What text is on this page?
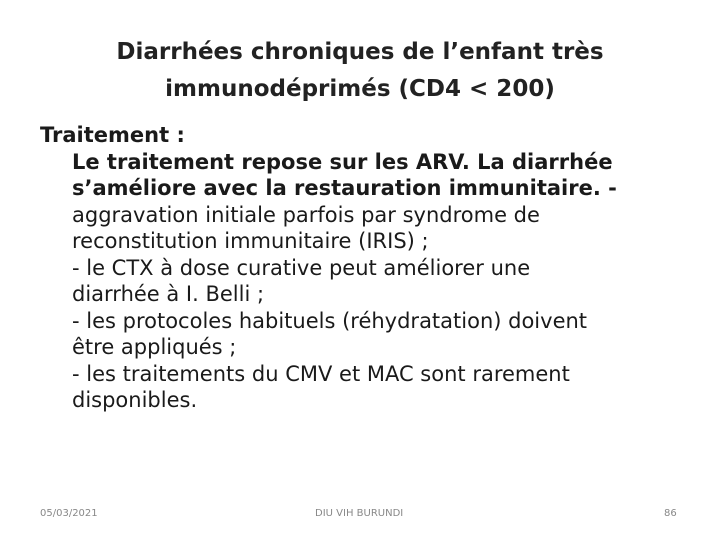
Diarrhées chroniques de l’enfant très
immunodéprimés (CD4 < 200)
Traitement :
Le traitement repose sur les ARV. La diarrhée
s’améliore avec la restauration immunitaire. -
aggravation initiale parfois par syndrome de
reconstitution immunitaire (IRIS) ;
- le CTX à dose curative peut améliorer une
diarrhée à I. Belli ;
- les protocoles habituels (réhydratation) doivent
être appliqués ;
- les traitements du CMV et MAC sont rarement
disponibles.
05/03/2021	DIU VIH BURUNDI	86
